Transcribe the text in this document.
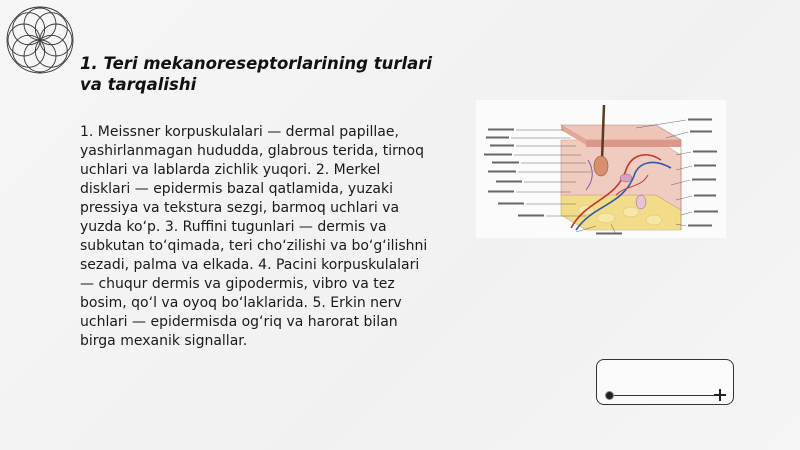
1. Teri mekanoreseptorlarining turlari va tarqalishi

1. Meissner korpuskulalari — dermal papillae, yashirlanmagan hududda, glabrous terida, tirnoq uchlari va lablarda zichlik yuqori. 2. Merkel disklari — epidermis bazal qatlamida, yuzaki pressiya va tekstura sezgi, barmoq uchlari va yuzda ko‘p. 3. Ruffini tugunlari — dermis va subkutan to‘qimada, teri cho‘zilishi va bo‘g‘ilishni sezadi, palma va elkada. 4. Pacini korpuskulalari — chuqur dermis va gipodermis, vibro va tez bosim, qo‘l va oyoq bo‘laklarida. 5. Erkin nerv uchlari — epidermisda og‘riq va harorat bilan birga mexanik signallar.
